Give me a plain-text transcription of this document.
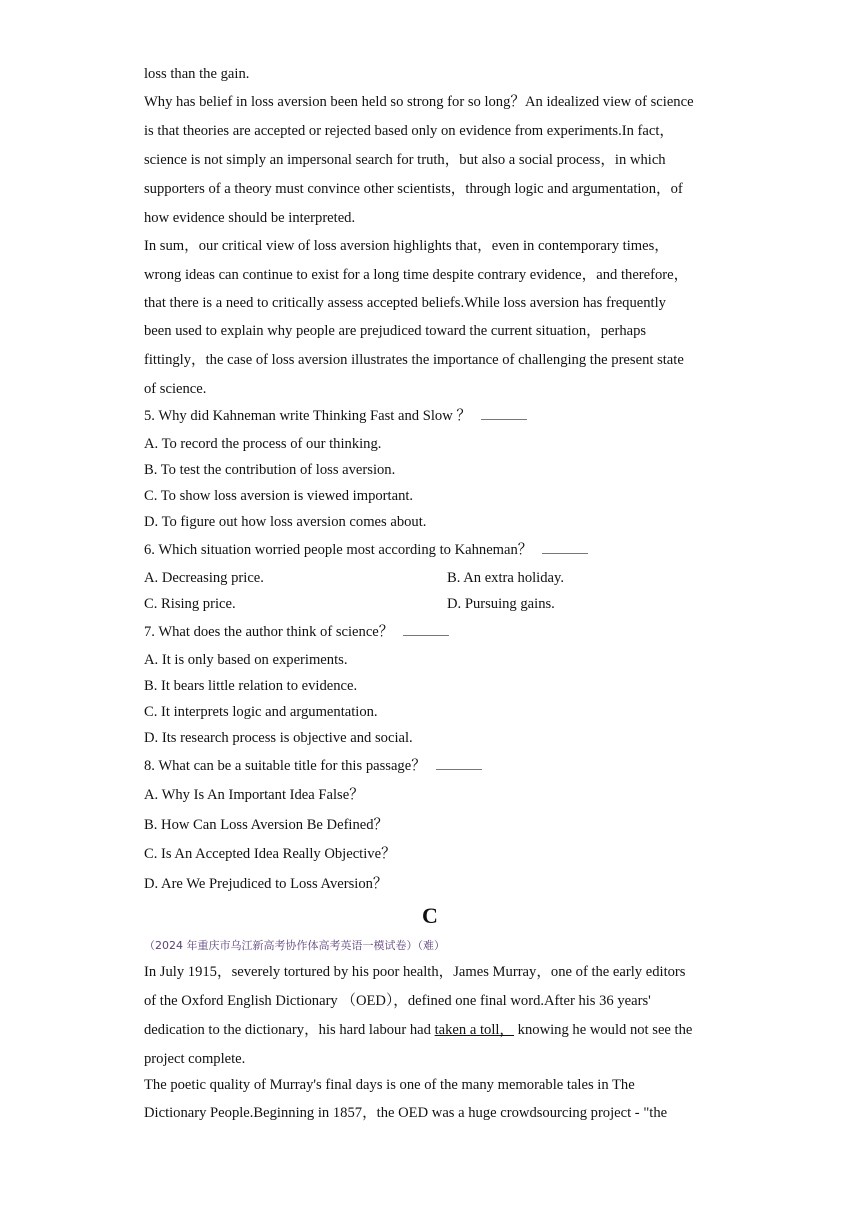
loss than the gain.
Why has belief in loss aversion been held so strong for so long？An idealized view of science
is that theories are accepted or rejected based only on evidence from experiments.In fact，
science is not simply an impersonal search for truth，but also a social process，in which
supporters of a theory must convince other scientists，through logic and argumentation，of
how evidence should be interpreted.
In sum，our critical view of loss aversion highlights that，even in contemporary times，
wrong ideas can continue to exist for a long time despite contrary evidence，and therefore，
that there is a need to critically assess accepted beliefs.While loss aversion has frequently
been used to explain why people are prejudiced toward the current situation，perhaps
fittingly，the case of loss aversion illustrates the importance of challenging the present state
of science.
5. Why did Kahneman write Thinking Fast and Slow ？
A. To record the process of our thinking.
B. To test the contribution of loss aversion.
C. To show loss aversion is viewed important.
D. To figure out how loss aversion comes about.
6. Which situation worried people most according to Kahneman？
A. Decreasing price.	B. An extra holiday.
C. Rising price.	D. Pursuing gains.
7. What does the author think of science？
A. It is only based on experiments.
B. It bears little relation to evidence.
C. It interprets logic and argumentation.
D. Its research process is objective and social.
8. What can be a suitable title for this passage？
A. Why Is An Important Idea False？
B. How Can Loss Aversion Be Defined？
C. Is An Accepted Idea Really Objective？
D. Are We Prejudiced to Loss Aversion？
C
（2024 年重庆市乌江新高考协作体高考英语一模试卷）（难）
In July 1915，severely tortured by his poor health，James Murray，one of the early editors
of the Oxford English Dictionary （OED），defined one final word.After his 36 years'
dedication to the dictionary，his hard labour had taken a toll， knowing he would not see the
project complete.
The poetic quality of Murray's final days is one of the many memorable tales in The
Dictionary People.Beginning in 1857，the OED was a huge crowdsourcing project - "the
